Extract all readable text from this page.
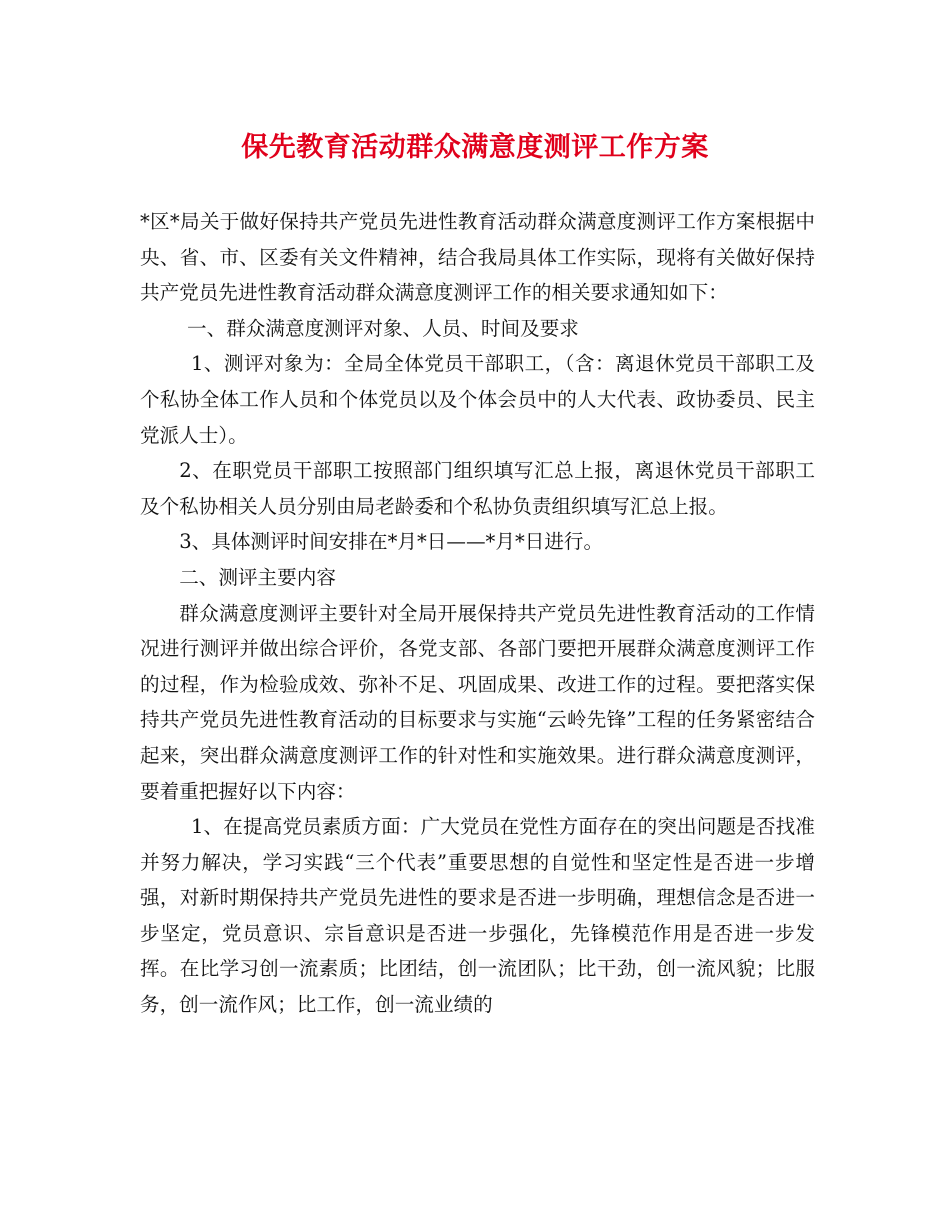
保先教育活动群众满意度测评工作方案

*区*局关于做好保持共产党员先进性教育活动群众满意度测评工作方案根据中央、省、市、区委有关文件精神，结合我局具体工作实际，现将有关做好保持共产党员先进性教育活动群众满意度测评工作的相关要求通知如下：

一、群众满意度测评对象、人员、时间及要求

1、测评对象为：全局全体党员干部职工，（含：离退休党员干部职工及个私协全体工作人员和个体党员以及个体会员中的人大代表、政协委员、民主党派人士）。

2、在职党员干部职工按照部门组织填写汇总上报，离退休党员干部职工及个私协相关人员分别由局老龄委和个私协负责组织填写汇总上报。

3、具体测评时间安排在*月*日——*月*日进行。

二、测评主要内容

群众满意度测评主要针对全局开展保持共产党员先进性教育活动的工作情况进行测评并做出综合评价，各党支部、各部门要把开展群众满意度测评工作的过程，作为检验成效、弥补不足、巩固成果、改进工作的过程。要把落实保持共产党员先进性教育活动的目标要求与实施“云岭先锋”工程的任务紧密结合起来，突出群众满意度测评工作的针对性和实施效果。进行群众满意度测评，要着重把握好以下内容：

1、在提高党员素质方面：广大党员在党性方面存在的突出问题是否找准并努力解决，学习实践“三个代表”重要思想的自觉性和坚定性是否进一步增强，对新时期保持共产党员先进性的要求是否进一步明确，理想信念是否进一步坚定，党员意识、宗旨意识是否进一步强化，先锋模范作用是否进一步发挥。在比学习创一流素质；比团结，创一流团队；比干劲，创一流风貌；比服务，创一流作风；比工作，创一流业绩的
